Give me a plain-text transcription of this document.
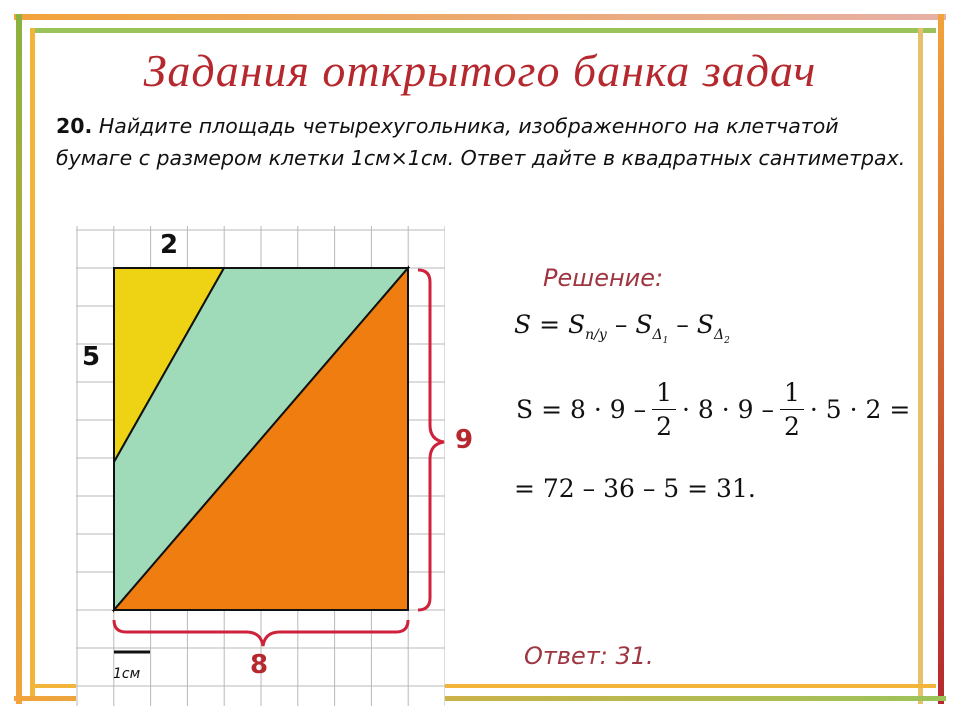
Задания открытого банка задач
20. Найдите площадь четырехугольника, изображенного на клетчатой бумаге с размером клетки 1см×1см. Ответ дайте в квадратных сантиметрах.
2
5
9
8
1см
Решение:
$S = S_{п/у} - S_{\Delta_1} - S_{\Delta_2}$
$S = 8 \cdot 9 - \frac{1}{2} \cdot 8 \cdot 9 - \frac{1}{2} \cdot 5 \cdot 2$ =
= 72 – 36 – 5 = 31.
Ответ: 31.
